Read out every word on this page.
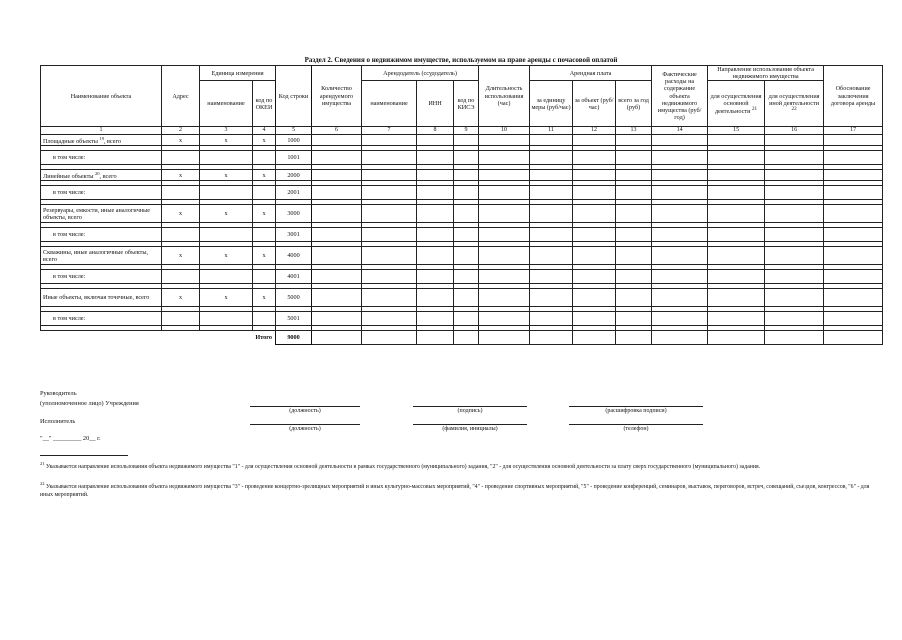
Раздел 2. Сведения о недвижимом имуществе, используемом на праве аренды с почасовой оплатой
Наименование объекта	Адрес	Единица измерения		Код строки	Количество арендуемого имущества	Арендодатель (ссудодатель)			Длительность использования (час)	Арендная плата			Фактические расходы на содержание объекта недвижимого имущества (руб/год)	Направление использования объекта недвижимого имущества		Обоснование заключения договора аренды
		наименование	код по ОКЕИ			наименование	ИНН	код по КИСЭ		за единицу меры (руб/час)	за объект (руб/час)	всего за год (руб)		для осуществления основной деятельности $^{21}$	для осуществления иной деятельности $^{22}$
1	2	3	4	5	6	7	8	9	10	11	12	13	14	15	16	17
Площадные объекты $^{19}$, всего	х	х	х	1000												

в том числе:				1001												

Линейные объекты $^{20}$, всего	х	х	х	2000												

в том числе:				2001												

Резервуары, емкости, иные аналогичные объекты, всего	х	х	х	3000												

в том числе:				3001												

Скважины, иные аналогичные объекты, всего	х	х	х	4000												

в том числе:				4001												

Иные объекты, включая точечные, всего	х	х	х	5000												

в том числе:				5001												

Итого				9000												
Руководитель
(уполномоченное лицо) Учреждения
Исполнитель
"__" _________ 20__ г.
(должность)	(подпись)	(расшифровка подписи)
(должность)	(фамилия, инициалы)	(телефон)
$^{21}$ Указывается направление использования объекта недвижимого имущества "1" - для осуществления основной деятельности в рамках государственного (муниципального) задания, "2" - для осуществления основной деятельности за плату сверх государственного (муниципального) задания.
$^{22}$ Указывается направление использования объекта недвижимого имущества "3" - проведение концертно-зрелищных мероприятий и иных культурно-массовых мероприятий, "4" - проведение спортивных мероприятий, "5" - проведение конференций, семинаров, выставок, переговоров, встреч, совещаний, съездов, конгрессов, "6" - для иных мероприятий.
